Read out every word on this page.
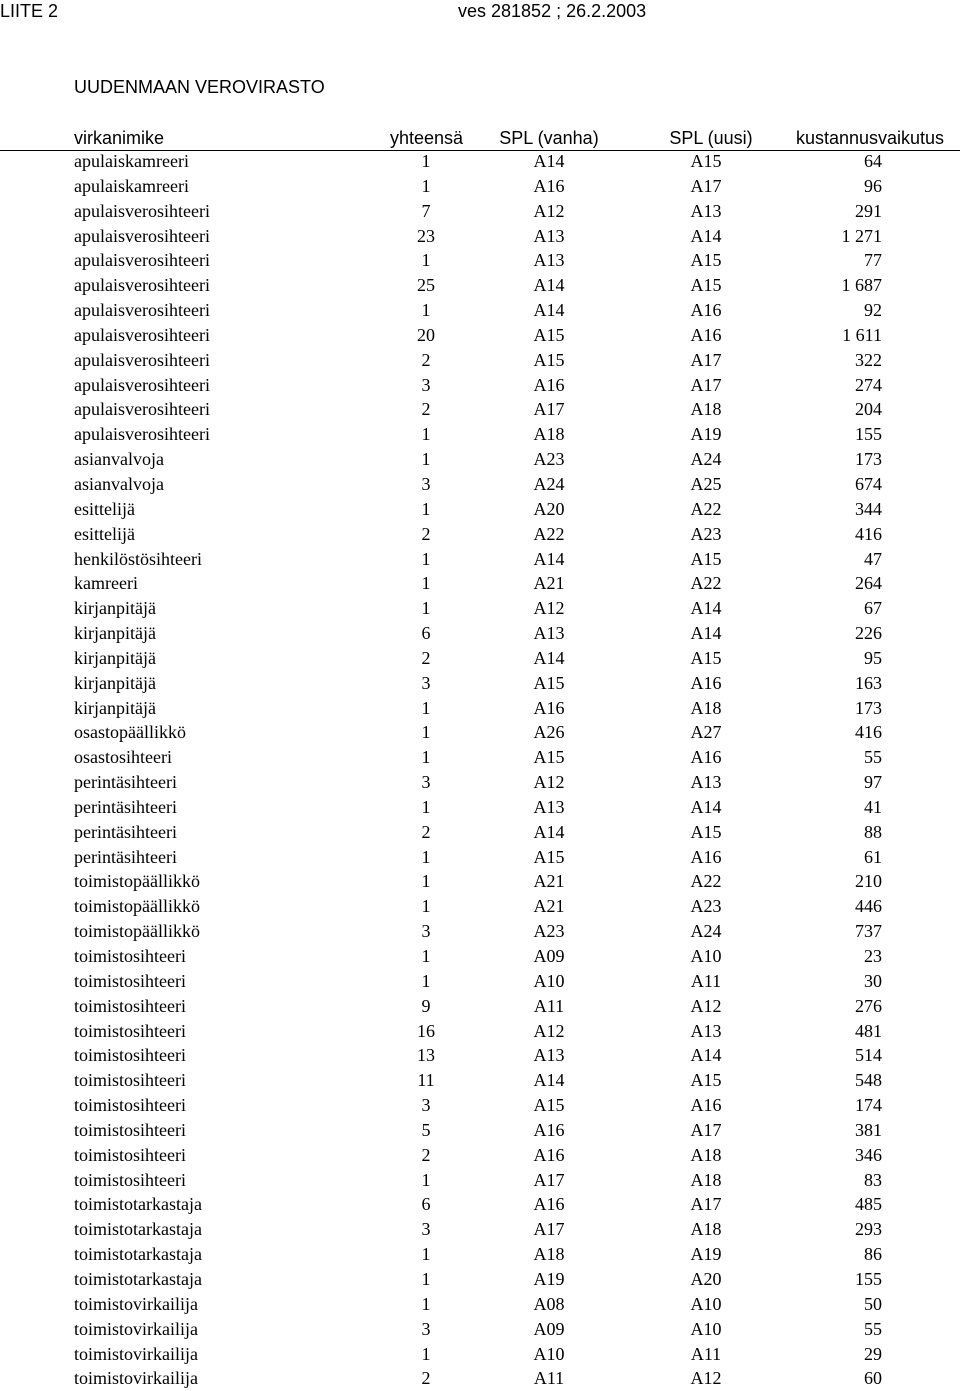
LIITE 2	ves 281852 ; 26.2.2003
UUDENMAAN VEROVIRASTO
virkanimike	yhteensä	SPL (vanha)	SPL (uusi)	kustannusvaikutus
apulaiskamreeri	1	A14	A15	64
apulaiskamreeri	1	A16	A17	96
apulaisverosihteeri	7	A12	A13	291
apulaisverosihteeri	23	A13	A14	1 271
apulaisverosihteeri	1	A13	A15	77
apulaisverosihteeri	25	A14	A15	1 687
apulaisverosihteeri	1	A14	A16	92
apulaisverosihteeri	20	A15	A16	1 611
apulaisverosihteeri	2	A15	A17	322
apulaisverosihteeri	3	A16	A17	274
apulaisverosihteeri	2	A17	A18	204
apulaisverosihteeri	1	A18	A19	155
asianvalvoja	1	A23	A24	173
asianvalvoja	3	A24	A25	674
esittelijä	1	A20	A22	344
esittelijä	2	A22	A23	416
henkilöstösihteeri	1	A14	A15	47
kamreeri	1	A21	A22	264
kirjanpitäjä	1	A12	A14	67
kirjanpitäjä	6	A13	A14	226
kirjanpitäjä	2	A14	A15	95
kirjanpitäjä	3	A15	A16	163
kirjanpitäjä	1	A16	A18	173
osastopäällikkö	1	A26	A27	416
osastosihteeri	1	A15	A16	55
perintäsihteeri	3	A12	A13	97
perintäsihteeri	1	A13	A14	41
perintäsihteeri	2	A14	A15	88
perintäsihteeri	1	A15	A16	61
toimistopäällikkö	1	A21	A22	210
toimistopäällikkö	1	A21	A23	446
toimistopäällikkö	3	A23	A24	737
toimistosihteeri	1	A09	A10	23
toimistosihteeri	1	A10	A11	30
toimistosihteeri	9	A11	A12	276
toimistosihteeri	16	A12	A13	481
toimistosihteeri	13	A13	A14	514
toimistosihteeri	11	A14	A15	548
toimistosihteeri	3	A15	A16	174
toimistosihteeri	5	A16	A17	381
toimistosihteeri	2	A16	A18	346
toimistosihteeri	1	A17	A18	83
toimistotarkastaja	6	A16	A17	485
toimistotarkastaja	3	A17	A18	293
toimistotarkastaja	1	A18	A19	86
toimistotarkastaja	1	A19	A20	155
toimistovirkailija	1	A08	A10	50
toimistovirkailija	3	A09	A10	55
toimistovirkailija	1	A10	A11	29
toimistovirkailija	2	A11	A12	60
